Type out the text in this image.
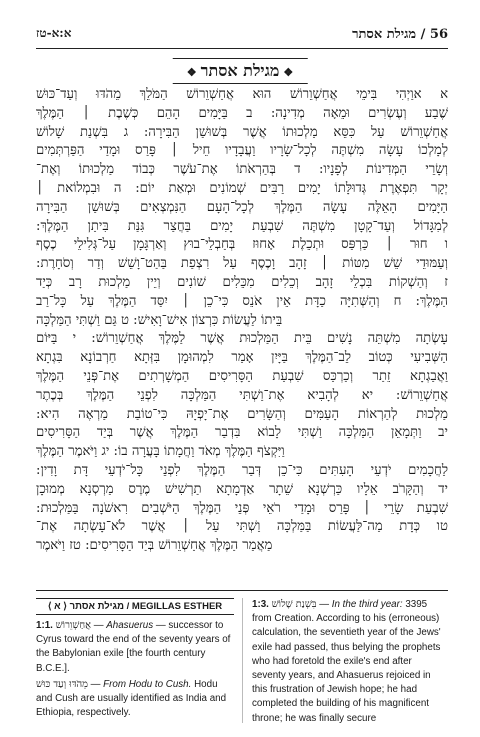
56 / מגילת אסתר
א:א-טז
❖מגילת אסתר❖
א אוַיְהִי בִּימֵי אֲחַשְׁוֵרוֹשׁ הוּא אֲחַשְׁוֵרוֹשׁ הַמֹּלֵךְ מֵהֹדּוּ וְעַד־כּוּשׁ
שֶׁבַע וְעֶשְׂרִים וּמֵאָה מְדִינָה: ב בַּיָּמִים הָהֵם כְּשֶׁבֶת ׀ הַמֶּלֶךְ
אֲחַשְׁוֵרוֹשׁ עַל כִּסֵּא מַלְכוּתוֹ אֲשֶׁר בְּשׁוּשַׁן הַבִּירָה: ג בִּשְׁנַת שָׁלוֹשׁ
לְמָלְכוֹ עָשָׂה מִשְׁתֶּה לְכָל־שָׂרָיו וַעֲבָדָיו חֵיל ׀ פָּרַס וּמָדַי הַפַּרְתְּמִים
וְשָׂרֵי הַמְּדִינוֹת לְפָנָיו: ד בְּהַרְאֹתוֹ אֶת־עֹשֶׁר כְּבוֹד מַלְכוּתוֹ וְאֶת־
יְקָר תִּפְאֶרֶת גְּדוּלָּתוֹ יָמִים רַבִּים שְׁמוֹנִים וּמְאַת יוֹם: ה וּבִמְלוֹאת ׀
הַיָּמִים הָאֵלֶּה עָשָׂה הַמֶּלֶךְ לְכָל־הָעָם הַנִּמְצְאִים בְּשׁוּשַׁן הַבִּירָה
לְמִגָּדוֹל וְעַד־קָטָן מִשְׁתֶּה שִׁבְעַת יָמִים בַּחֲצַר גִּנַּת בִּיתַן הַמֶּלֶךְ:
ו חוּר ׀ כַּרְפַּס וּתְכֵלֶת אָחוּז בְּחַבְלֵי־בוּץ וְאַרְגָּמָן עַל־גְּלִילֵי כֶסֶף
וְעַמּוּדֵי שֵׁשׁ מִטּוֹת ׀ זָהָב וָכֶסֶף עַל רִצְפַת בַּהַט־וָשֵׁשׁ וְדַר וְסֹחָרֶת:
ז וְהַשְׁקוֹת בִּכְלֵי זָהָב וְכֵלִים מִכֵּלִים שׁוֹנִים וְיֵין מַלְכוּת רָב כְּיַד
הַמֶּלֶךְ: ח וְהַשְּׁתִיָּה כַדָּת אֵין אֹנֵס כִּי־כֵן ׀ יִסַּד הַמֶּלֶךְ עַל כָּל־רַב
בֵּיתוֹ לַעֲשׂוֹת כִּרְצוֹן אִישׁ־וָאִישׁ: ט גַּם וַשְׁתִּי הַמַּלְכָּה
עָשְׂתָה מִשְׁתֵּה נָשִׁים בֵּית הַמַּלְכוּת אֲשֶׁר לַמֶּלֶךְ אֲחַשְׁוֵרוֹשׁ: י בַּיּוֹם
הַשְּׁבִיעִי כְּטוֹב לֵב־הַמֶּלֶךְ בַּיָּיִן אָמַר לִמְהוּמָן בִּזְּתָא חַרְבוֹנָא בִּגְתָא
וַאֲבַגְתָא זֵתַר וְכַרְכַּס שִׁבְעַת הַסָּרִיסִים הַמְשָׁרְתִים אֶת־פְּנֵי הַמֶּלֶךְ
אֲחַשְׁוֵרוֹשׁ: יא לְהָבִיא אֶת־וַשְׁתִּי הַמַּלְכָּה לִפְנֵי הַמֶּלֶךְ בְּכֶתֶר
מַלְכוּת לְהַרְאוֹת הָעַמִּים וְהַשָּׂרִים אֶת־יָפְיָהּ כִּי־טוֹבַת מַרְאֶה הִיא:
יב וַתְּמָאֵן הַמַּלְכָּה וַשְׁתִּי לָבוֹא בִּדְבַר הַמֶּלֶךְ אֲשֶׁר בְּיַד הַסָּרִיסִים
וַיִּקְצֹף הַמֶּלֶךְ מְאֹד וַחֲמָתוֹ בָּעֲרָה בוֹ: יג וַיֹּאמֶר הַמֶּלֶךְ
לַחֲכָמִים יֹדְעֵי הָעִתִּים כִּי־כֵן דְּבַר הַמֶּלֶךְ לִפְנֵי כָּל־יֹדְעֵי דָּת וָדִין:
יד וְהַקָּרֹב אֵלָיו כַּרְשְׁנָא שֵׁתָר אַדְמָתָא תַרְשִׁישׁ מֶרֶס מַרְסְנָא מְמוּכָן
שִׁבְעַת שָׂרֵי ׀ פָּרַס וּמָדַי רֹאֵי פְּנֵי הַמֶּלֶךְ הַיֹּשְׁבִים רִאשֹׁנָה בַּמַּלְכוּת:
טו כְּדָת מַה־לַּעֲשׂוֹת בַּמַּלְכָּה וַשְׁתִּי עַל ׀ אֲשֶׁר לֹא־עָשְׂתָה אֶת־
מַאֲמַר הַמֶּלֶךְ אֲחַשְׁוֵרוֹשׁ בְּיַד הַסָּרִיסִים: טז וַיֹּאמֶר
⟨ א ⟩ מגילת אסתר / MEGILLAS ESTHER

1:1. אֲחַשְׁוֵרוֹשׁ — Ahasuerus — successor to Cyrus toward the end of the seventy years of the Babylonian exile [the fourth century B.C.E.].

מֵהֹדּוּ וְעַד כּוּשׁ — From Hodu to Cush. Hodu and Cush are usually identified as India and Ethiopia, respectively.

1:3. בִּשְׁנַת שָׁלוֹשׁ — In the third year: 3395 from Creation. According to his (erroneous) calculation, the seventieth year of the Jews' exile had passed, thus belying the prophets who had foretold the exile's end after seventy years, and Ahasuerus rejoiced in this frustration of Jewish hope; he had completed the building of his magnificent throne; he was finally secure
